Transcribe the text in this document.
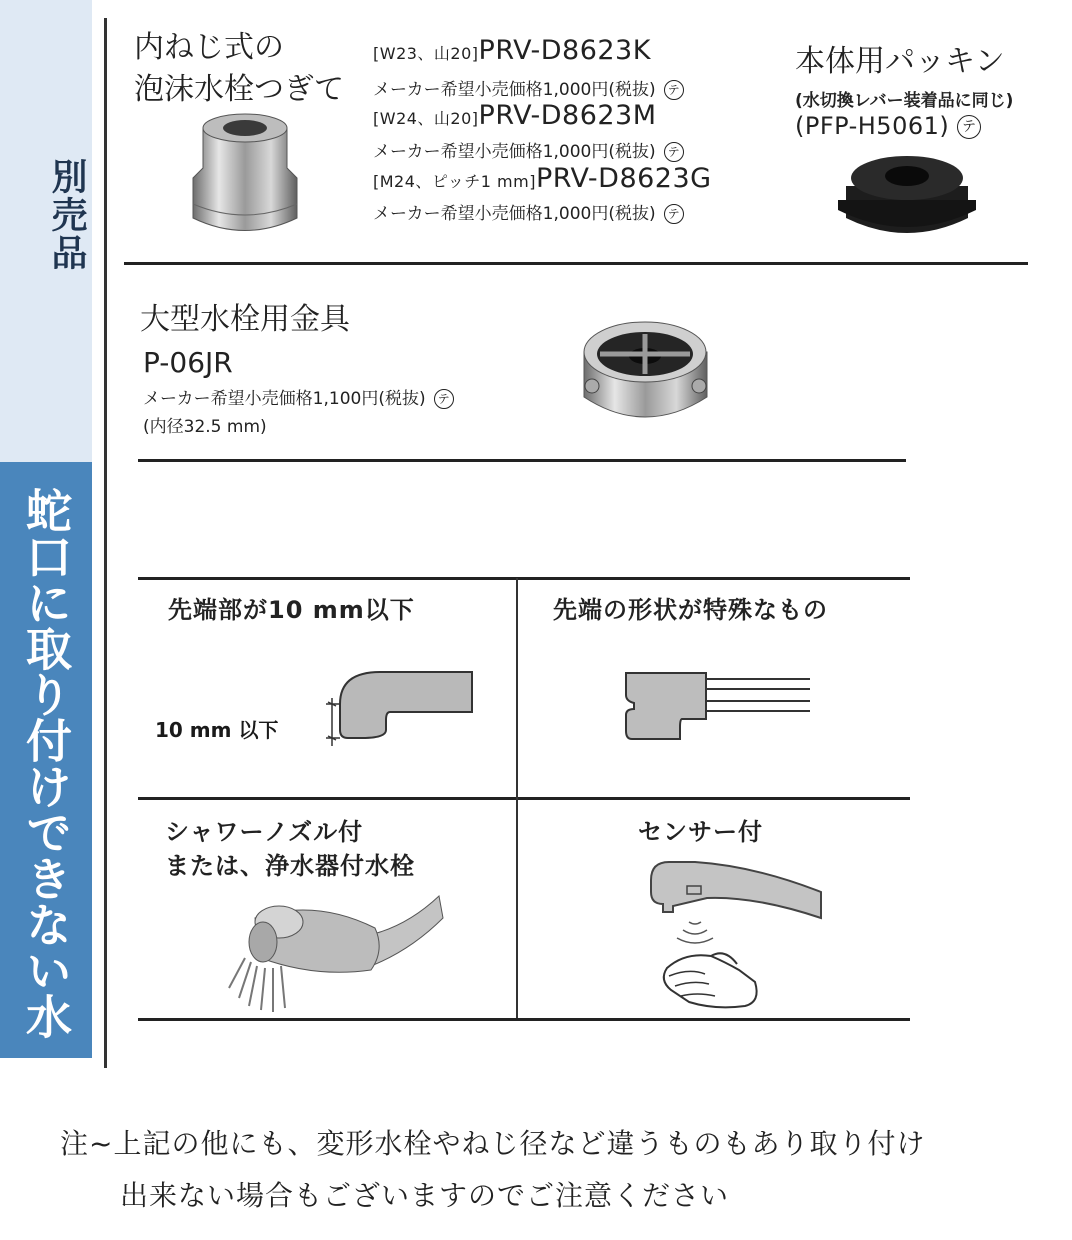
別売品
蛇口に取り付けできない水
内ねじ式の
泡沫水栓つぎて
[W23、山20]PRV-D8623K
メーカー希望小売価格1,000円(税抜) テ
[W24、山20]PRV-D8623M
メーカー希望小売価格1,000円(税抜) テ
[M24、ピッチ1 mm]PRV-D8623G
メーカー希望小売価格1,000円(税抜) テ
本体用パッキン
(水切換レバー装着品に同じ)
(PFP-H5061) テ
大型水栓用金具
P-06JR
メーカー希望小売価格1,100円(税抜) テ
(内径32.5 mm)
先端部が10 mm以下
10 mm 以下
先端の形状が特殊なもの
シャワーノズル付
または、浄水器付水栓
センサー付
注~上記の他にも、変形水栓やねじ径など違うものもあり取り付け
出来ない場合もございますのでご注意ください
